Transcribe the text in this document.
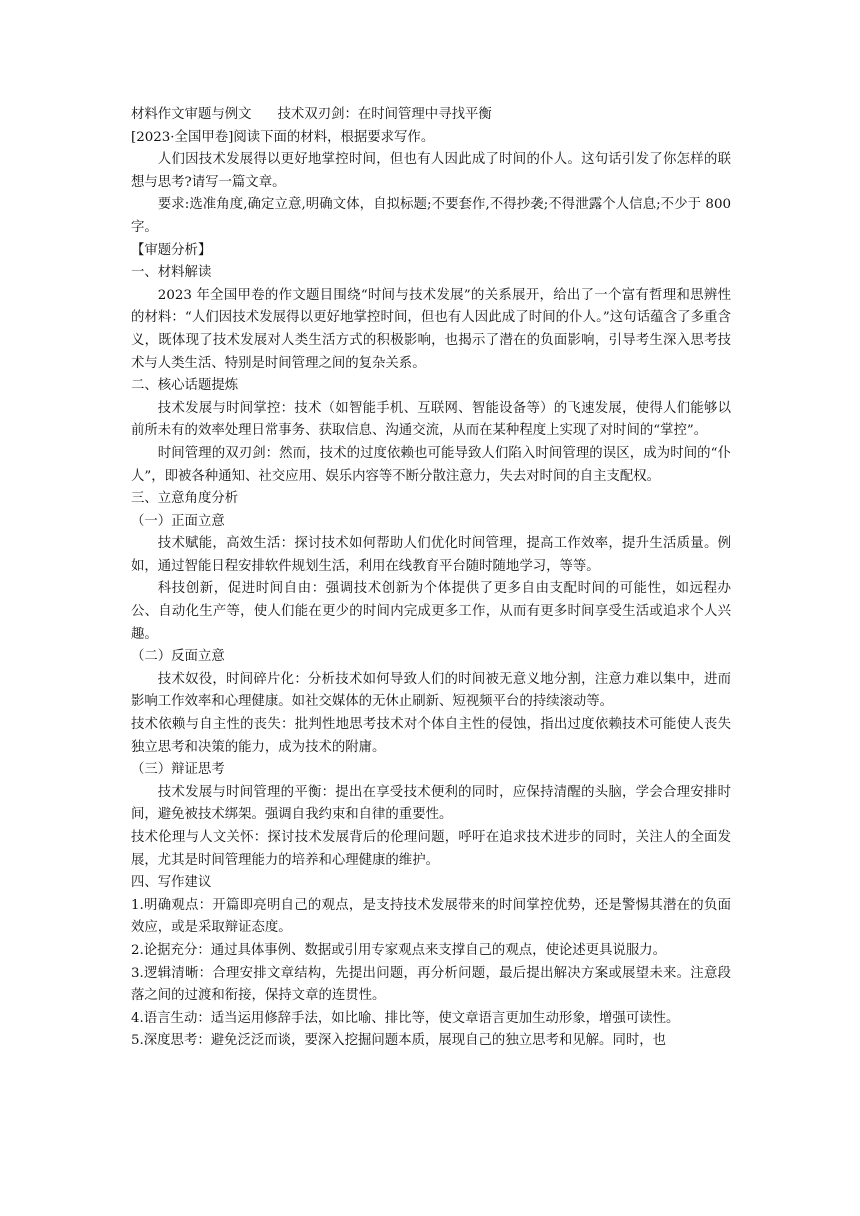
材料作文审题与例文 技术双刃剑：在时间管理中寻找平衡

[2023·全国甲卷]阅读下面的材料，根据要求写作。

人们因技术发展得以更好地掌控时间，但也有人因此成了时间的仆人。这句话引发了你怎样的联想与思考?请写一篇文章。

要求:选准角度,确定立意,明确文体，自拟标题;不要套作,不得抄袭;不得泄露个人信息;不少于 800 字。

【审题分析】

一、材料解读

2023 年全国甲卷的作文题目围绕“时间与技术发展”的关系展开，给出了一个富有哲理和思辨性的材料：“人们因技术发展得以更好地掌控时间，但也有人因此成了时间的仆人。”这句话蕴含了多重含义，既体现了技术发展对人类生活方式的积极影响，也揭示了潜在的负面影响，引导考生深入思考技术与人类生活、特别是时间管理之间的复杂关系。

二、核心话题提炼

技术发展与时间掌控：技术（如智能手机、互联网、智能设备等）的飞速发展，使得人们能够以前所未有的效率处理日常事务、获取信息、沟通交流，从而在某种程度上实现了对时间的“掌控”。

时间管理的双刃剑：然而，技术的过度依赖也可能导致人们陷入时间管理的误区，成为时间的“仆人”，即被各种通知、社交应用、娱乐内容等不断分散注意力，失去对时间的自主支配权。

三、立意角度分析

（一）正面立意

技术赋能，高效生活：探讨技术如何帮助人们优化时间管理，提高工作效率，提升生活质量。例如，通过智能日程安排软件规划生活，利用在线教育平台随时随地学习，等等。

科技创新，促进时间自由：强调技术创新为个体提供了更多自由支配时间的可能性，如远程办公、自动化生产等，使人们能在更少的时间内完成更多工作，从而有更多时间享受生活或追求个人兴趣。

（二）反面立意

技术奴役，时间碎片化：分析技术如何导致人们的时间被无意义地分割，注意力难以集中，进而影响工作效率和心理健康。如社交媒体的无休止刷新、短视频平台的持续滚动等。

技术依赖与自主性的丧失：批判性地思考技术对个体自主性的侵蚀，指出过度依赖技术可能使人丧失独立思考和决策的能力，成为技术的附庸。

（三）辩证思考

技术发展与时间管理的平衡：提出在享受技术便利的同时，应保持清醒的头脑，学会合理安排时间，避免被技术绑架。强调自我约束和自律的重要性。

技术伦理与人文关怀：探讨技术发展背后的伦理问题，呼吁在追求技术进步的同时，关注人的全面发展，尤其是时间管理能力的培养和心理健康的维护。

四、写作建议

1.明确观点：开篇即亮明自己的观点，是支持技术发展带来的时间掌控优势，还是警惕其潜在的负面效应，或是采取辩证态度。

2.论据充分：通过具体事例、数据或引用专家观点来支撑自己的观点，使论述更具说服力。

3.逻辑清晰：合理安排文章结构，先提出问题，再分析问题，最后提出解决方案或展望未来。注意段落之间的过渡和衔接，保持文章的连贯性。

4.语言生动：适当运用修辞手法，如比喻、排比等，使文章语言更加生动形象，增强可读性。

5.深度思考：避免泛泛而谈，要深入挖掘问题本质，展现自己的独立思考和见解。同时，也
